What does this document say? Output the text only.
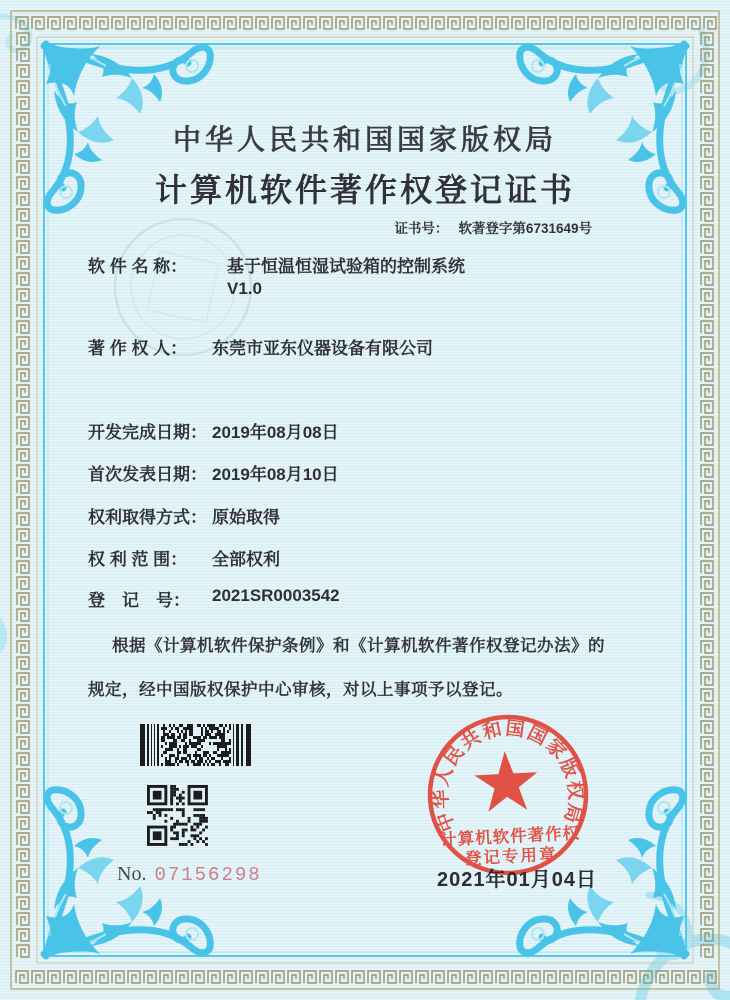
中华人民共和国国家版权局
计算机软件著作权登记证书
证书号： 软著登字第6731649号
软 件 名 称： 基于恒温恒湿试验箱的控制系统
V1.0
著 作 权 人： 东莞市亚东仪器设备有限公司
开发完成日期： 2019年08月08日
首次发表日期： 2019年08月10日
权利取得方式： 原始取得
权 利 范 围： 全部权利
登　记　号： 2021SR0003542
根据《计算机软件保护条例》和《计算机软件著作权登记办法》的
规定，经中国版权保护中心审核，对以上事项予以登记。
No. 07156298
中华人民共和国国家版权局
计算机软件著作权
登记专用章
2021年01月04日
